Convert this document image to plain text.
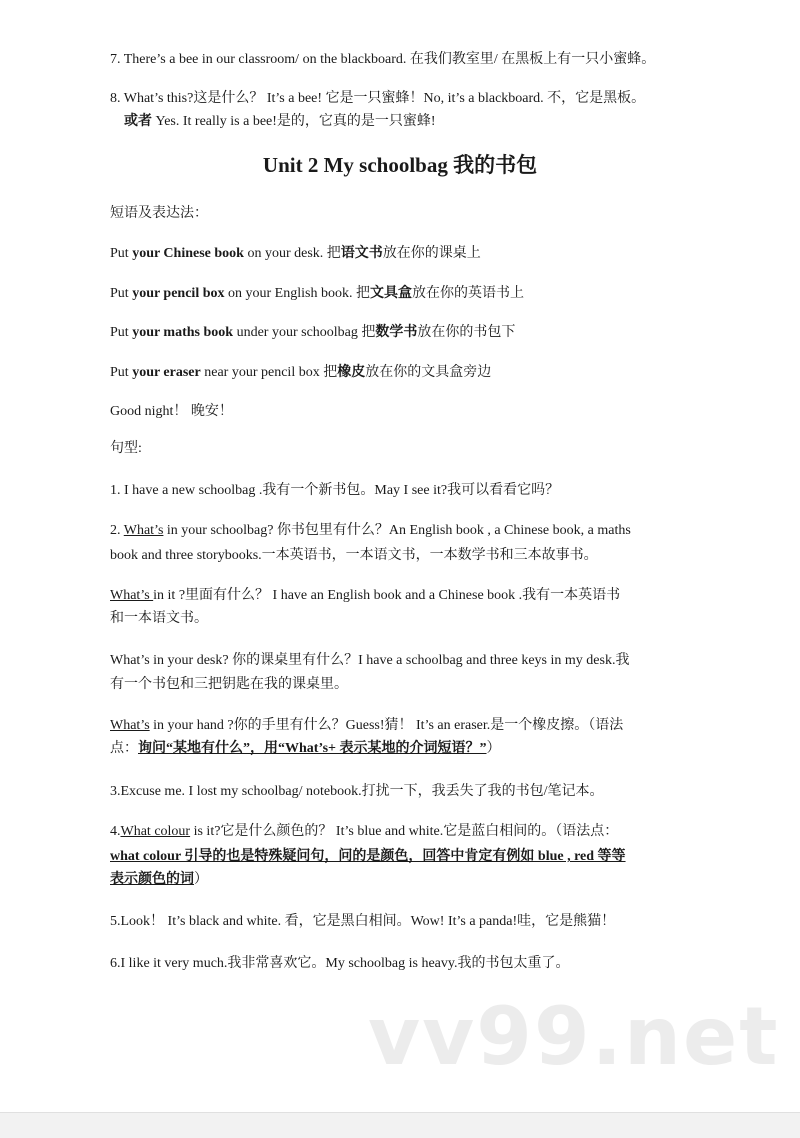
7. There’s a bee in our classroom/ on the blackboard. 在我们教室里/ 在黑板上有一只小蜜蜂。
8. What’s this?这是什么？ It’s a bee! 它是一只蜜蜂！No, it’s a blackboard. 不，它是黑板。
或者 Yes. It really is a bee!是的，它真的是一只蜜蜂!
Unit 2 My schoolbag 我的书包
短语及表达法：
Put your Chinese book on your desk. 把语文书放在你的课桌上
Put your pencil box on your English book. 把文具盒放在你的英语书上
Put your maths book under your schoolbag 把数学书放在你的书包下
Put your eraser near your pencil box 把橡皮放在你的文具盒旁边
Good night！ 晚安！
句型:
1. I have a new schoolbag .我有一个新书包。May I see it?我可以看看它吗？
2. What’s in your schoolbag? 你书包里有什么？An English book , a Chinese book, a maths
book and three storybooks.一本英语书，一本语文书，一本数学书和三本故事书。
What’s in it ?里面有什么？ I have an English book and a Chinese book .我有一本英语书
和一本语文书。
What’s in your desk? 你的课桌里有什么？I have a schoolbag and three keys in my desk.我
有一个书包和三把钥匙在我的课桌里。
What’s in your hand ?你的手里有什么？Guess!猜！ It’s an eraser.是一个橡皮擦。（语法
点：询问“某地有什么”，用“What’s+ 表示某地的介词短语？”）
3.Excuse me. I lost my schoolbag/ notebook.打扰一下，我丢失了我的书包/笔记本。
4.What colour is it?它是什么颜色的？ It’s blue and white.它是蓝白相间的。（语法点：
what colour 引导的也是特殊疑问句，问的是颜色，回答中肯定有例如 blue , red 等等
表示颜色的词）
5.Look！ It’s black and white. 看，它是黑白相间。Wow! It’s a panda!哇，它是熊猫！
6.I like it very much.我非常喜欢它。My schoolbag is heavy.我的书包太重了。
vv99.net
